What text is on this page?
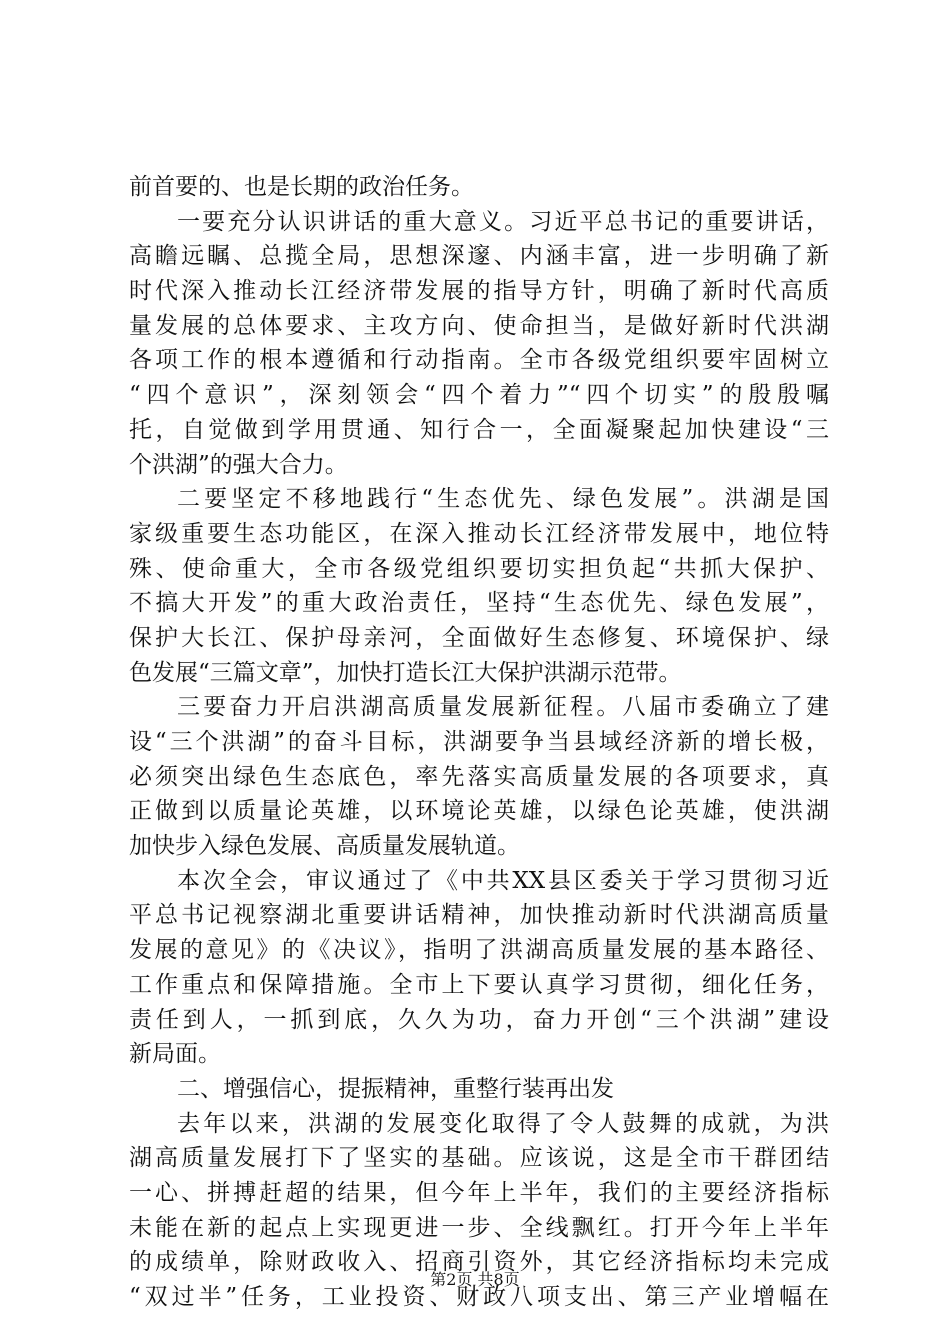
前首要的、也是长期的政治任务。
一要充分认识讲话的重大意义。习近平总书记的重要讲话，
高瞻远瞩、总揽全局，思想深邃、内涵丰富，进一步明确了新
时代深入推动长江经济带发展的指导方针，明确了新时代高质
量发展的总体要求、主攻方向、使命担当，是做好新时代洪湖
各项工作的根本遵循和行动指南。全市各级党组织要牢固树立
“四个意识”，深刻领会“四个着力”“四个切实”的殷殷嘱
托，自觉做到学用贯通、知行合一，全面凝聚起加快建设“三
个洪湖”的强大合力。
二要坚定不移地践行“生态优先、绿色发展”。洪湖是国
家级重要生态功能区，在深入推动长江经济带发展中，地位特
殊、使命重大，全市各级党组织要切实担负起“共抓大保护、
不搞大开发”的重大政治责任，坚持“生态优先、绿色发展”，
保护大长江、保护母亲河，全面做好生态修复、环境保护、绿
色发展“三篇文章”，加快打造长江大保护洪湖示范带。
三要奋力开启洪湖高质量发展新征程。八届市委确立了建
设“三个洪湖”的奋斗目标，洪湖要争当县域经济新的增长极，
必须突出绿色生态底色，率先落实高质量发展的各项要求，真
正做到以质量论英雄，以环境论英雄，以绿色论英雄，使洪湖
加快步入绿色发展、高质量发展轨道。
本次全会，审议通过了《中共XX县区委关于学习贯彻习近
平总书记视察湖北重要讲话精神，加快推动新时代洪湖高质量
发展的意见》的《决议》，指明了洪湖高质量发展的基本路径、
工作重点和保障措施。全市上下要认真学习贯彻，细化任务，
责任到人，一抓到底，久久为功，奋力开创“三个洪湖”建设
新局面。
二、增强信心，提振精神，重整行装再出发
去年以来，洪湖的发展变化取得了令人鼓舞的成就，为洪
湖高质量发展打下了坚实的基础。应该说，这是全市干群团结
一心、拼搏赶超的结果，但今年上半年，我们的主要经济指标
未能在新的起点上实现更进一步、全线飘红。打开今年上半年
的成绩单，除财政收入、招商引资外，其它经济指标均未完成
“双过半”任务，工业投资、财政八项支出、第三产业增幅在
第2页 共8页
